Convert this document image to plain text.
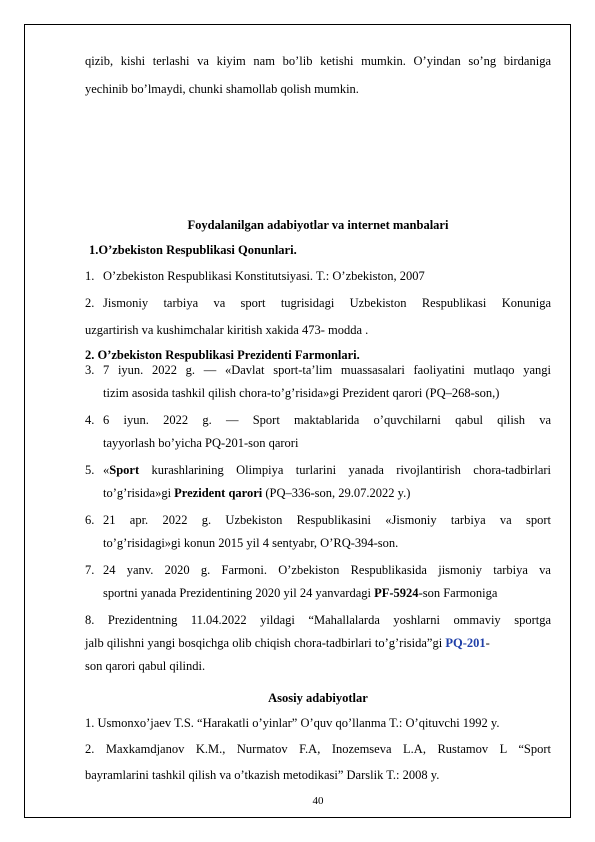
qizib, kishi terlashi va kiyim nam bo’lib ketishi mumkin. O’yindan so’ng birdaniga
yechinib bo’lmaydi, chunki shamollab qolish mumkin.
Foydalanilgan adabiyotlar va internet manbalari
1.O’zbekiston Respublikasi Qonunlari.
1. O’zbekiston Respublikasi Konstitutsiyasi. T.: O’zbekiston, 2007
2. Jismoniy tarbiya va sport tugrisidagi Uzbekiston Respublikasi Konuniga
uzgartirish va kushimchalar kiritish xakida 473- modda .
2. O’zbekiston Respublikasi Prezidenti Farmonlari.
3. 7 iyun. 2022 g. — «Davlat sport-ta’lim muassasalari faoliyatini mutlaqo yangi
tizim asosida tashkil qilish chora-to’g’risida»gi Prezident qarori (PQ–268-son,)
4. 6 iyun. 2022 g. — Sport maktablarida o’quvchilarni qabul qilish va
tayyorlash bo’yicha PQ-201-son qarori
5. «Sport kurashlarining Olimpiya turlarini yanada rivojlantirish chora-tadbirlari
to’g’risida»gi Prezident qarori (PQ–336-son, 29.07.2022 y.)
6. 21 apr. 2022 g. Uzbekiston Respublikasini «Jismoniy tarbiya va sport
to’g’risidagi»gi konun 2015 yil 4 sentyabr, O’RQ-394-son.
7. 24 yanv. 2020 g. Farmoni. O’zbekiston Respublikasida jismoniy tarbiya va
sportni yanada Prezidentining 2020 yil 24 yanvardagi PF-5924-son Farmoniga
8. Prezidentning 11.04.2022 yildagi “Mahallalarda yoshlarni ommaviy sportga
jalb qilishni yangi bosqichga olib chiqish chora-tadbirlari to’g’risida”gi PQ-201-
son qarori qabul qilindi.
Asosiy adabiyotlar
1. Usmonxo’jaev T.S. “Harakatli o’yinlar” O’quv qo’llanma T.: O’qituvchi 1992 y.
2. Maxkamdjanov K.M., Nurmatov F.A, Inozemseva L.A, Rustamov L “Sport
bayramlarini tashkil qilish va o’tkazish metodikasi” Darslik T.: 2008 y.
40
